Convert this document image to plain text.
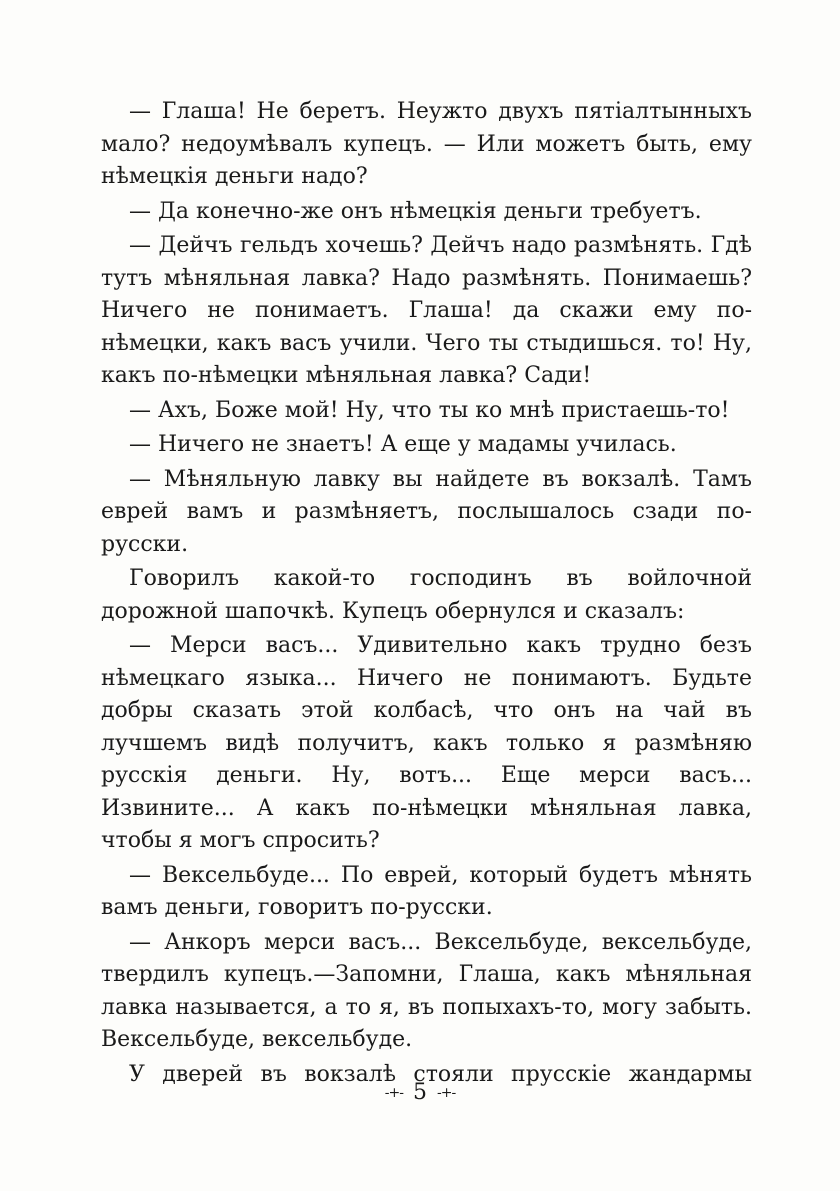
— Глаша! Не беретъ. Неужто двухъ пятіалтынныхъ мало? недоумѣвалъ купецъ. — Или можетъ быть, ему нѣмецкія деньги надо?

— Да конечно-же онъ нѣмецкія деньги требуетъ.

— Дейчъ гельдъ хочешь? Дейчъ надо размѣнять. Гдѣ тутъ мѣняльная лавка? Надо размѣнять. Понимаешь? Ничего не понимаетъ. Глаша! да скажи ему по-нѣмецки, какъ васъ учили. Чего ты стыдишься. то! Ну, какъ по-нѣмецки мѣняльная лавка? Сади!

— Ахъ, Боже мой! Ну, что ты ко мнѣ пристаешь-то!

— Ничего не знаетъ! А еще у мадамы училась.

— Мѣняльную лавку вы найдете въ вокзалѣ. Тамъ еврей вамъ и размѣняетъ, послышалось сзади по-русски.

Говорилъ какой-то господинъ въ войлочной дорожной шапочкѣ. Купецъ обернулся и сказалъ:

— Мерси васъ... Удивительно какъ трудно безъ нѣмецкаго языка... Ничего не понимаютъ. Будьте добры сказать этой колбасѣ, что онъ на чай въ лучшемъ видѣ получитъ, какъ только я размѣняю русскія деньги. Ну, вотъ... Еще мерси васъ... Извините... А какъ по-нѣмецки мѣняльная лавка, чтобы я могъ спросить?

— Вексельбуде... По еврей, который будетъ мѣнять вамъ деньги, говоритъ по-русски.

— Анкоръ мерси васъ... Вексельбуде, вексельбуде, твердилъ купецъ.—Запомни, Глаша, какъ мѣняльная лавка называется, а то я, въ попыхахъ-то, могу забыть. Вексельбуде, вексельбуде.

У дверей въ вокзалѣ стояли прусскіе жандармы

-+- 5 -+-
